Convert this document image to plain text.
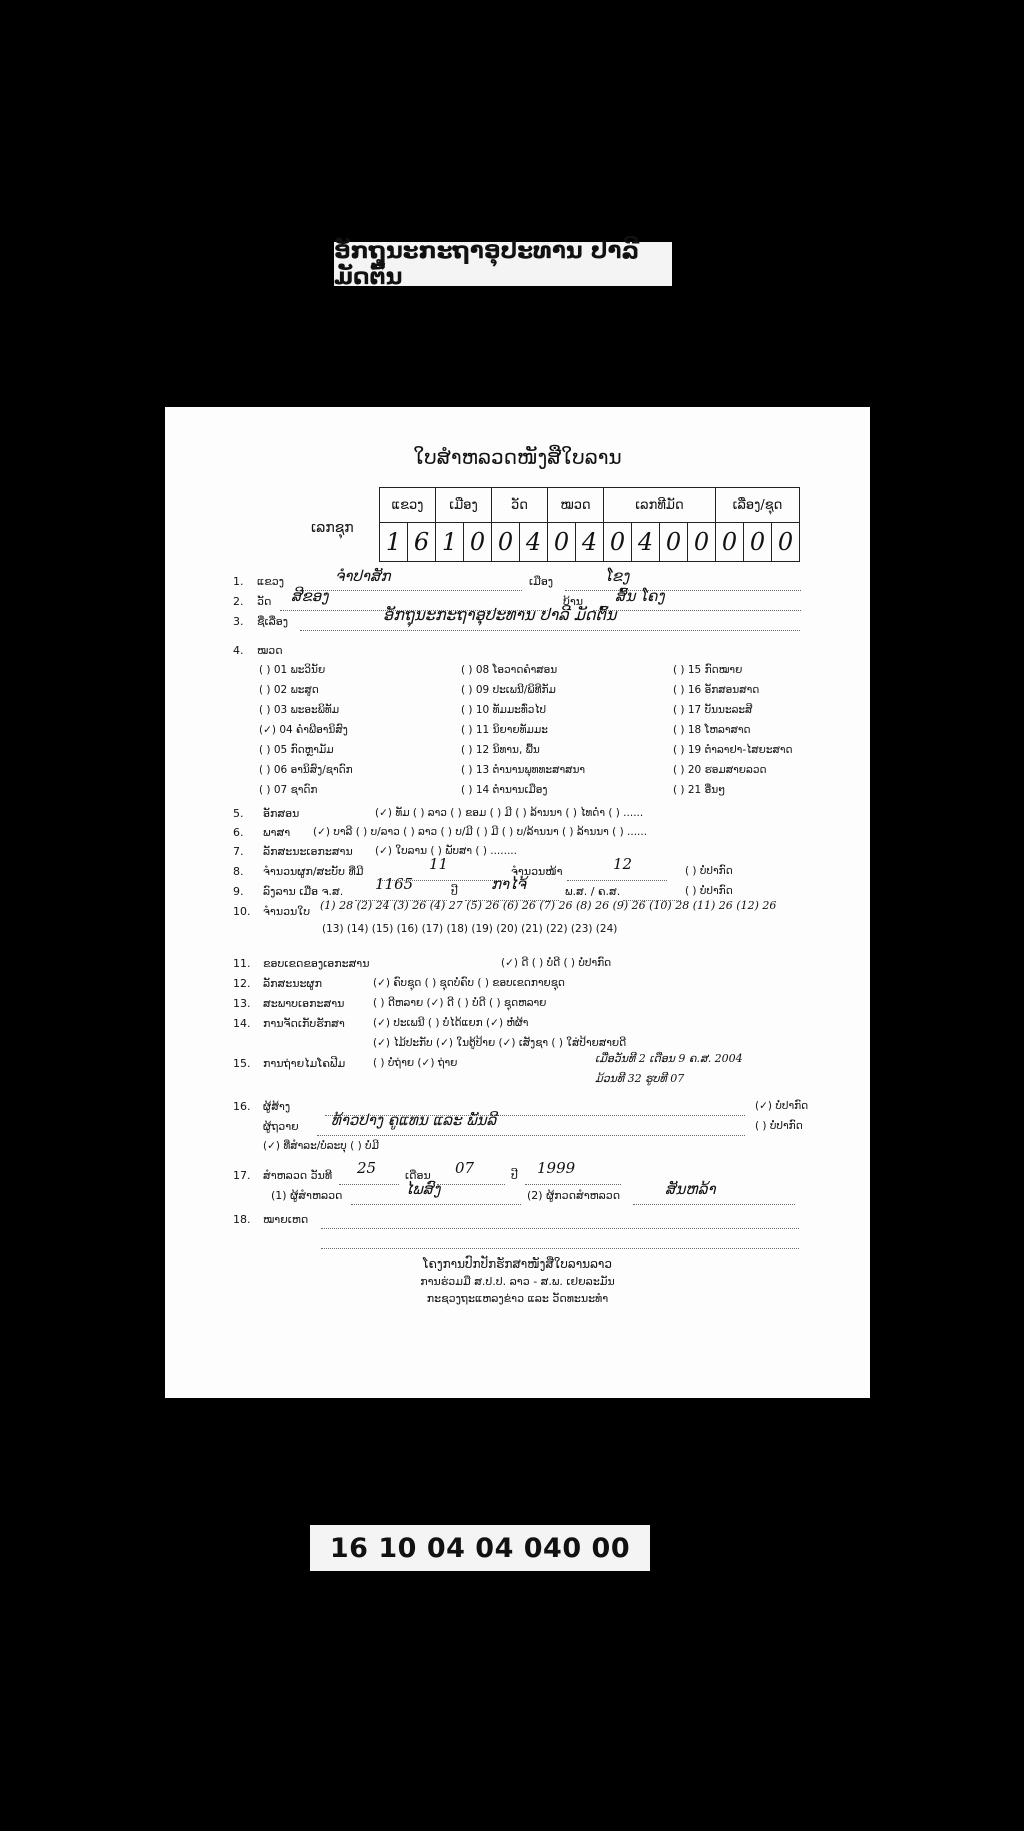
ອັກຖຸນະກະຖາອຸປະທານ ປາລີ ມັດຕົ້ນ
ໃບສຳຫລວດໜັງສືໃບລານ
ເລກຊຸກ
ແຂວງ		ເມືອງ		ວັດ		ໝວດ		ເລກທີມັດ				ເລື່ອງ/ຊຸດ		
1	6	1	0	0	4	0	4	0	4	0	0	0	0	0
1. ແຂວງ	ຈຳປາສັກ	ເມືອງ	ໂຂງ
2. ວັດ ສີຂອງ	ບ້ານ ສົ້ນ ໂຄງ
3. ຊື່ເລື່ອງ	ອັກຖຸນະກະຖາອຸປະທານ ປາລີ ມັດຕົ້ນ
4. ໝວດ
( ) 01 ພະວິນັຍ	( ) 08 ໂອວາດຄຳສອນ	( ) 15 ກົດໝາຍ
( ) 02 ພະສູດ	( ) 09 ປະເພນີ/ພິທີກັມ	( ) 16 ອັກສອນສາດ
( ) 03 ພະອະພິທັມ	( ) 10 ທັມມະທົ່ວໄປ	( ) 17 ບັນນະລະສີ
(✓) 04 ຄຳພີອານິສົງ	( ) 11 ນິຍາຍທັມມະ	( ) 18 ໂຫລາສາດ
( ) 05 ກົດຫຼາມັມ	( ) 12 ນິທານ, ພື້ນ	( ) 19 ຕຳລາຢາ-ໄສຍະສາດ
( ) 06 ອານິສົງ/ຊາດົກ	( ) 13 ຕຳນານພຸທທະສາສນາ	( ) 20 ຮອມສາຍລວດ
( ) 07 ຊາດົກ	( ) 14 ຕຳນານເມືອງ	( ) 21 ອື່ນໆ
5. ອັກສອນ	(✓) ທັມ ( ) ລາວ ( ) ຂອມ ( ) ມີ ( ) ລ້ານນາ ( ) ໄທດຳ ( ) ......
6. ພາສາ (✓) ບາລີ ( ) ບ/ລາວ ( ) ລາວ ( ) ບ/ມີ ( ) ມີ ( ) ບ/ລ້ານນາ ( ) ລ້ານນາ ( ) ......
7. ລັກສະນະເອກະສານ (✓) ໃບລານ ( ) ພັບສາ ( ) ........
8. ຈຳນວນຜູກ/ສະບັບ ທີ່ມີ	11	ຈຳນວນໜ້າ	12	( ) ບໍ່ປາກົດ
9. ລົງລານ ເມື່ອ ຈ.ສ. 1165	ປີ ກາໄຈ້	ພ.ສ. / ຄ.ສ.	( ) ບໍ່ປາກົດ
10. ຈຳນວນໃບ (1) 28 (2) 24 (3) 26 (4) 27 (5) 26 (6) 26 (7) 26 (8) 26 (9) 26 (10) 28 (11) 26 (12) 26
(13) (14) (15) (16) (17) (18) (19) (20) (21) (22) (23) (24)
11. ຂອບເຂດຂອງເອກະສານ	(✓) ດີ ( ) ບໍ່ດີ ( ) ບໍ່ປາກົດ
12. ລັກສະນະຜູກ	(✓) ຄົບຊຸດ ( ) ຊຸດບໍ່ຄົບ ( ) ຂອບເຂດກາຍຊຸດ
13. ສະພາບເອກະສານ	( ) ດີຫລາຍ (✓) ດີ ( ) ບໍ່ດີ ( ) ຊຸດຫລາຍ
14. ການຈັດເກັບຮັກສາ	(✓) ປະເພນີ ( ) ບໍ່ໄດ້ແຍກ (✓) ຫໍ່ຜ້າ
(✓) ໄມ້ປະກັບ (✓) ໃນຕູ້ປ້າຍ (✓) ເສັງຊາ ( ) ໃສ່ປ້າຍສາຍດີ
15. ການຖ່າຍໄມໂຄຟີມ	( ) ບໍ່ຖ່າຍ (✓) ຖ່າຍ	ເມື່ອວັນທີ 2 ເດືອນ 9 ຄ.ສ. 2004
ມ້ວນທີ 32 ຮູບທີ 07
16. ຜູ້ສ້າງ	(✓) ບໍ່ປາກົດ
ຜູ້ຖວາຍ ທ້າວປາງ ຄູແທນ ແລະ ພັນລີ	( ) ບໍ່ປາກົດ
(✓) ທີ່ສຳລະ/ບໍ່ລະບຸ ( ) ບໍ່ມີ
17. ສຳຫລວດ ວັນທີ 25	ເດືອນ 07	ປີ 1999
(1) ຜູ້ສຳຫລວດ	ໄພສົງ	(2) ຜູ້ກວດສຳຫລວດ	ສັນຫລ້າ
18. ໝາຍເຫດ
ໂຄງການປົກປັກຮັກສາໜັງສືໃບລານລາວ
ການຮ່ວມມື ສ.ປ.ປ. ລາວ - ສ.ພ. ເຢຍລະມັນ
ກະຊວງຖະແຫລງຂ່າວ ແລະ ວັດທະນະທຳ
16 10 04 04 040 00
